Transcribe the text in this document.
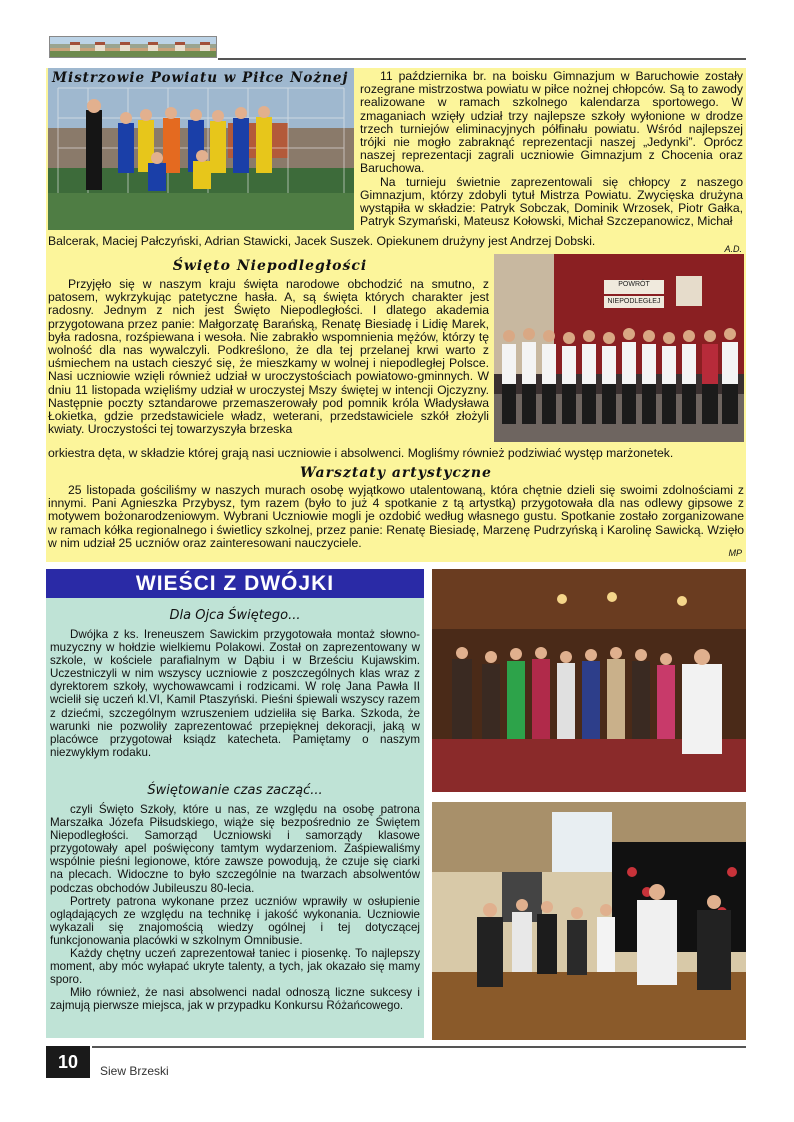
Mistrzowie Powiatu w Piłce Nożnej	11 października br. na boisku Gimnazjum w Baruchowie zostały rozegrane mistrzostwa powiatu w piłce nożnej chłopców. Są to zawody realizowane w ramach szkolnego kalendarza sportowego. W zmaganiach wzięły udział trzy najlepsze szkoły wyłonione w drodze trzech turniejów eliminacyjnych półfinału powiatu. Wśród najlepszej trójki nie mogło zabraknąć reprezentacji naszej „Jedynki”. Oprócz naszej reprezentacji zagrali uczniowie Gimnazjum z Chocenia oraz Baruchowa.

Na turnieju świetnie zaprezentowali się chłopcy z naszego Gimnazjum, którzy zdobyli tytuł Mistrza Powiatu. Zwycięska drużyna wystąpiła w składzie: Patryk Sobczak, Dominik Wrzosek, Piotr Gałka, Patryk Szymański, Mateusz Kołowski, Michał Szczepanowicz, Michał

Balcerak, Maciej Pałczyński, Adrian Stawicki, Jacek Suszek. Opiekunem drużyny jest Andrzej Dobski.

A.D.
Święto Niepodległości

Przyjęło się w naszym kraju święta narodowe obchodzić na smutno, z patosem, wykrzykując patetyczne hasła. A, są święta których charakter jest radosny. Jednym z nich jest Święto Niepodległości. I dlatego akademia przygotowana przez panie: Małgorzatę Barańską, Renatę Biesiadę i Lidię Marek, była radosna, rozśpiewana i wesoła. Nie zabrakło wspomnienia mężów, którzy tę wolność dla nas wywalczyli. Podkreślono, że dla tej przelanej krwi warto z uśmiechem na ustach cieszyć się, że mieszkamy w wolnej i niepodległej Polsce. Nasi uczniowie wzięli również udział w uroczystościach powiatowo-gminnych. W dniu 11 listopada wzięliśmy udział w uroczystej Mszy świętej w intencji Ojczyzny. Następnie poczty sztandarowe przemaszerowały pod pomnik króla Władysława Łokietka, gdzie przedstawiciele władz, weterani, przedstawiciele szkół złożyli kwiaty. Uroczystości tej towarzyszyła brzeska

orkiestra dęta, w składzie której grają nasi uczniowie i absolwenci. Mogliśmy również podziwiać występ marżonetek.

POWRÓT
NIEPODLEGŁEJ
Warsztaty artystyczne

25 listopada gościliśmy w naszych murach osobę wyjątkowo utalentowaną, która chętnie dzieli się swoimi zdolnościami z innymi. Pani Agnieszka Przybysz, tym razem (było to już 4 spotkanie z tą artystką) przygotowała dla nas odlewy gipsowe z motywem bożonarodzeniowym. Wybrani Uczniowie mogli je ozdobić według własnego gustu. Spotkanie zostało zorganizowane w ramach kółka regionalnego i świetlicy szkolnej, przez panie: Renatę Biesiadę, Marzenę Pudrzyńską i Karolinę Sawicką. Wzięło w nim udział 25 uczniów oraz zainteresowani nauczyciele.

MP
WIEŚCI Z DWÓJKI

Dla Ojca Świętego...

Dwójka z ks. Ireneuszem Sawickim przygotowała montaż słowno-muzyczny w hołdzie wielkiemu Polakowi. Został on zaprezentowany w szkole, w kościele parafialnym w Dąbiu i w Brześciu Kujawskim. Uczestniczyli w nim wszyscy uczniowie z poszczególnych klas wraz z dyrektorem szkoły, wychowawcami i rodzicami. W rolę Jana Pawła II wcielił się uczeń kl.VI, Kamil Ptaszyński. Pieśni śpiewali wszyscy razem z dziećmi, szczególnym wzruszeniem udzieliła się Barka. Szkoda, że warunki nie pozwoliły zaprezentować przepięknej dekoracji, jaką w placówce przygotował ksiądz katecheta. Pamiętamy o naszym niezwykłym rodaku.

Świętowanie czas zacząć...

czyli Święto Szkoły, które u nas, ze względu na osobę patrona Marszałka Józefa Piłsudskiego, wiąże się bezpośrednio ze Świętem Niepodległości. Samorząd Uczniowski i samorządy klasowe przygotowały apel poświęcony tamtym wydarzeniom. Zaśpiewaliśmy wspólnie pieśni legionowe, które zawsze powodują, że czuje się ciarki na plecach. Widoczne to było szczególnie na twarzach absolwentów podczas obchodów Jubileuszu 80-lecia.

Portrety patrona wykonane przez uczniów wprawiły w osłupienie oglądających ze względu na technikę i jakość wykonania. Uczniowie wykazali się znajomością wiedzy ogólnej i tej dotyczącej funkcjonowania placówki w szkolnym Omnibusie.

Każdy chętny uczeń zaprezentował taniec i piosenkę. To najlepszy moment, aby móc wyłapać ukryte talenty, a tych, jak okazało się mamy sporo.

Miło również, że nasi absolwenci nadal odnoszą liczne sukcesy i zajmują pierwsze miejsca, jak w przypadku Konkursu Różańcowego.

10	Siew Brzeski
